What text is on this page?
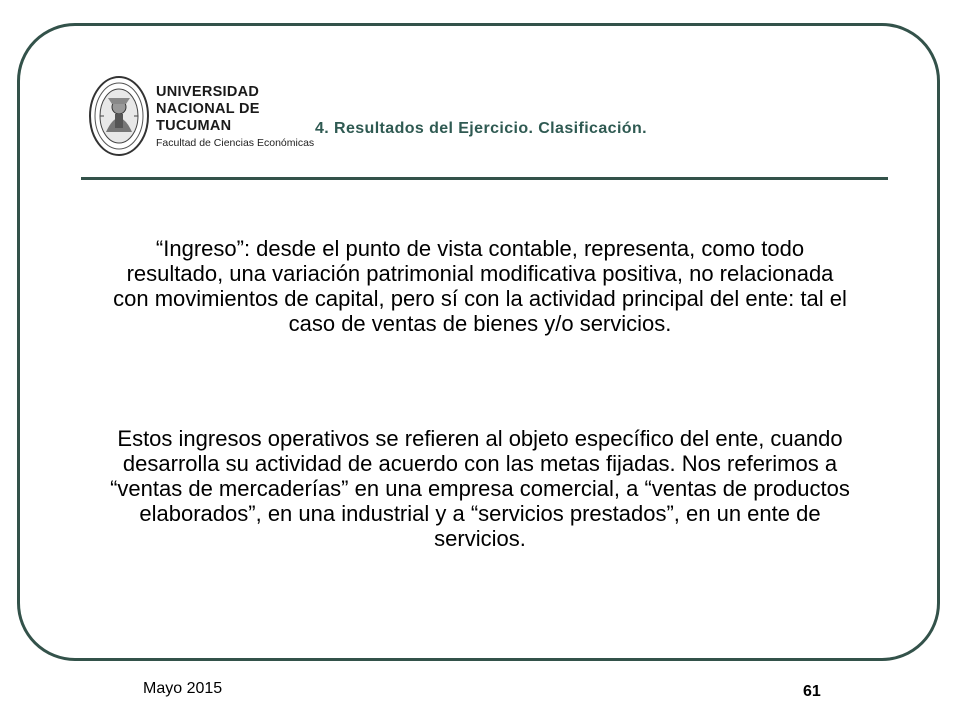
UNIVERSIDAD
NACIONAL DE
TUCUMAN
Facultad de Ciencias Económicas
4. Resultados del Ejercicio. Clasificación.

“Ingreso”: desde el punto de vista contable, representa, como todo resultado, una variación patrimonial modificativa positiva, no relacionada con movimientos de capital, pero sí con la actividad principal del ente: tal el caso de ventas de bienes y/o servicios.

Estos ingresos operativos se refieren al objeto específico del ente, cuando desarrolla su actividad de acuerdo con las metas fijadas. Nos referimos a “ventas de mercaderías” en una empresa comercial, a “ventas de productos elaborados”, en una industrial y a “servicios prestados”, en un ente de servicios.

Mayo 2015	61
